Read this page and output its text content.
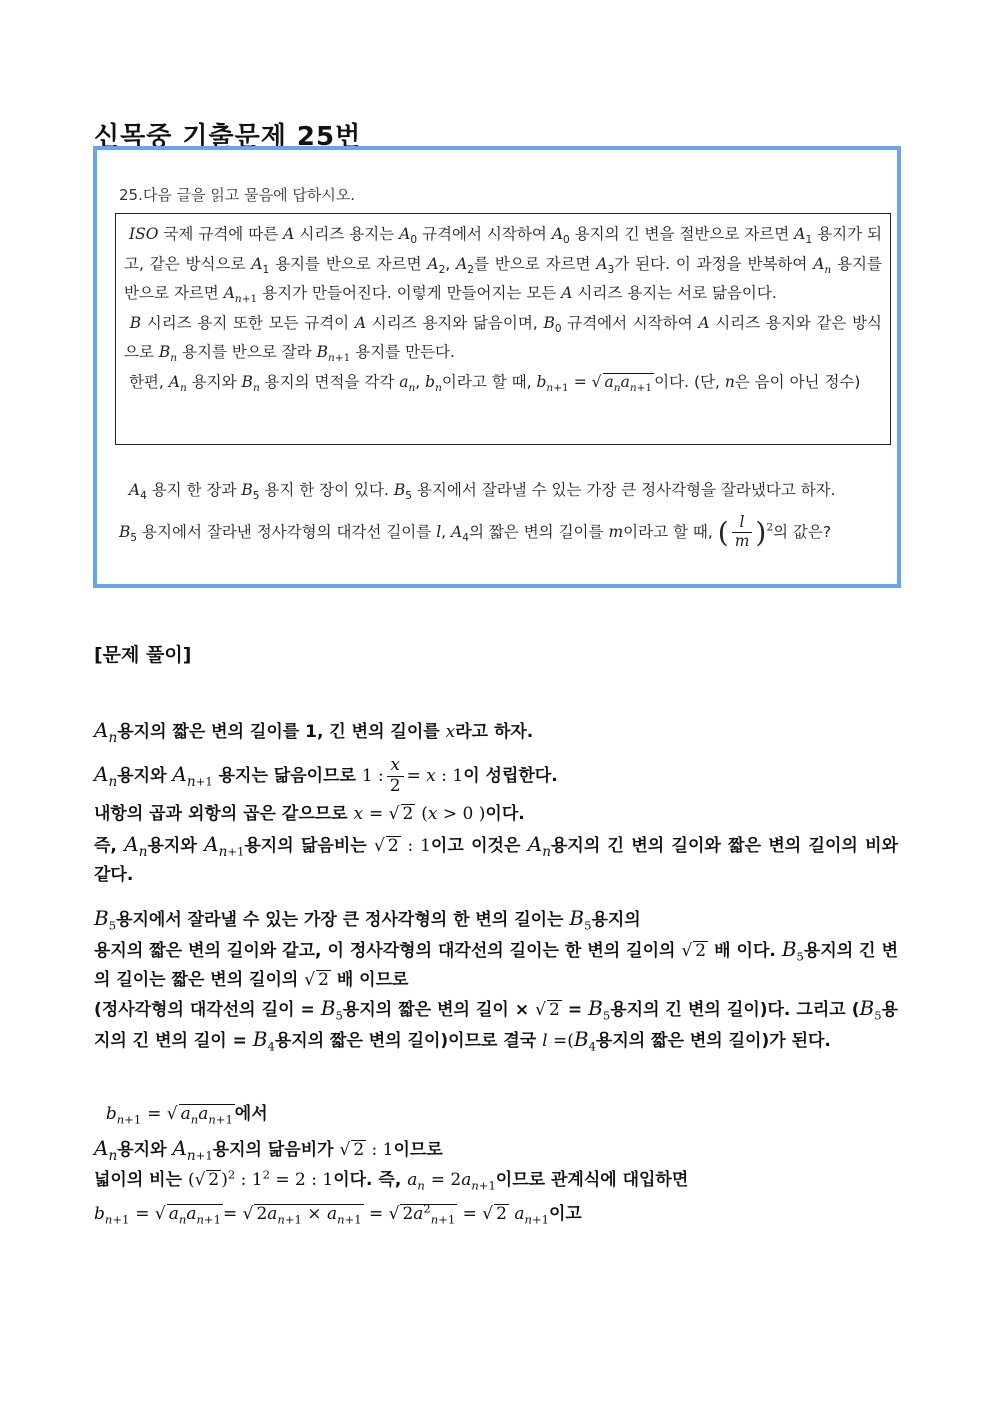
신목중 기출문제 25번
25.다음 글을 읽고 물음에 답하시오.

ISO 국제 규격에 따른 A 시리즈 용지는 $A_0$ 규격에서 시작하여 $A_0$ 용지의 긴 변을 절반으로 자르면 $A_1$ 용지가 되고, 같은 방식으로 $A_1$ 용지를 반으로 자르면 $A_2$, $A_2$를 반으로 자르면 $A_3$가 된다. 이 과정을 반복하여 $A_n$ 용지를 반으로 자르면 $A_{n+1}$ 용지가 만들어진다. 이렇게 만들어지는 모든 A 시리즈 용지는 서로 닮음이다.

B 시리즈 용지 또한 모든 규격이 A 시리즈 용지와 닮음이며, $B_0$ 규격에서 시작하여 A 시리즈 용지와 같은 방식으로 $B_n$ 용지를 반으로 잘라 $B_{n+1}$ 용지를 만든다.

한편, $A_n$ 용지와 $B_n$ 용지의 면적을 각각 $a_n$, $b_n$이라고 할 때, $b_{n+1}$ = √ $a_na_{n+1}$ 이다. (단, n은 음이 아닌 정수)

$A_4$ 용지 한 장과 $B_5$ 용지 한 장이 있다. $B_5$ 용지에서 잘라낼 수 있는 가장 큰 정사각형을 잘라냈다고 하자.
$B_5$ 용지에서 잘라낸 정사각형의 대각선 길이를 l, $A_4$의 짧은 변의 길이를 m이라고 할 때, ( $\frac{l}{m} )^2$의 값은?
[문제 풀이]
$A_n$용지의 짧은 변의 길이를 1, 긴 변의 길이를 x라고 하자.
$A_n$용지와 $A_{n+1}$ 용지는 닮음이므로 1 : $\frac{x}{2} = x$ : 1이 성립한다.
내항의 곱과 외항의 곱은 같으므로 x = √ 2 (x > 0 )이다.
즉, $A_n$용지와 $A_{n+1}$용지의 닮음비는 √ 2 : 1이고 이것은 $A_n$용지의 긴 변의 길이와 짧은 변의 길이의 비와 같다.
$B_5$용지에서 잘라낼 수 있는 가장 큰 정사각형의 한 변의 길이는 $B_5$용지의
용지의 짧은 변의 길이와 같고, 이 정사각형의 대각선의 길이는 한 변의 길이의 √ 2 배 이다. $B_5$용지의 긴 변의 길이는 짧은 변의 길이의 √ 2 배 이므로
(정사각형의 대각선의 길이 = $B_5$용지의 짧은 변의 길이 × √ $2 = B_5$용지의 긴 변의 길이)다. 그리고 ($B_5$용지의 긴 변의 길이 = $B_4$용지의 짧은 변의 길이)이므로 결국 $l =(B_4$용지의 짧은 변의 길이)가 된다.
$b_{n+1}$ = √ $a_na_{n+1}$ 에서
$A_n$용지와 $A_{n+1}$용지의 닮음비가 √ 2 : 1이므로
넓이의 비는 (√ 2 )$^2$ : $1^2 = 2$ : 1이다. 즉, $a_n = 2a_{n+1}$이므로 관계식에 대입하면
$b_{n+1}$ = √ $a_na_{n+1}$ = √ $2a_{n+1} \times a_{n+1}$ = √ $2a^2_{n+1}$ = √ 2 $a_{n+1}$이고
